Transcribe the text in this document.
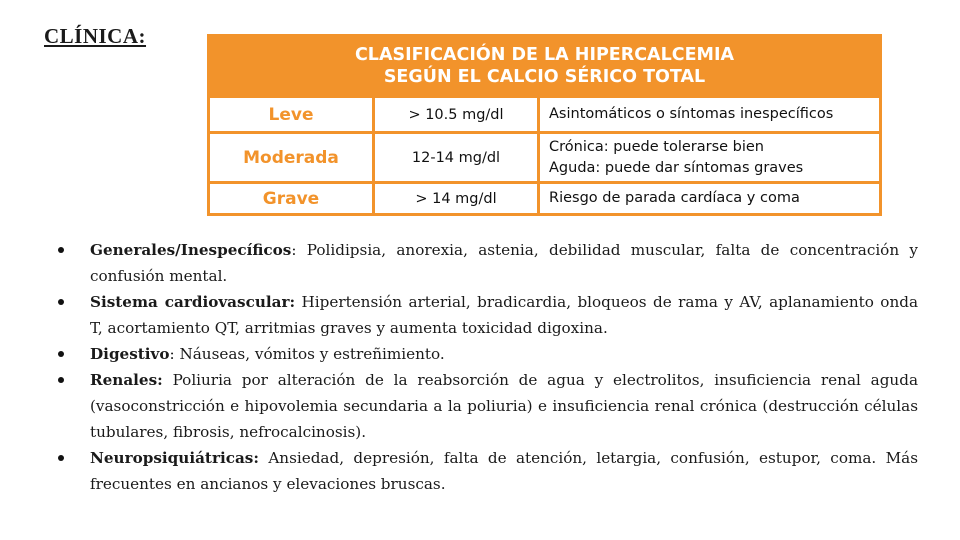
CLÍNICA:
CLASIFICACIÓN DE LA HIPERCALCEMIA
SEGÚN EL CALCIO SÉRICO TOTAL		

Leve	> 10.5 mg/dl	Asintomáticos o síntomas inespecíficos

Moderada	12-14 mg/dl	Crónica: puede tolerarse bien
Aguda: puede dar síntomas graves

Grave	> 14 mg/dl	Riesgo de parada cardíaca y coma
Generales/Inespecíficos: Polidipsia, anorexia, astenia, debilidad muscular, falta de concentración y confusión mental.
Sistema cardiovascular: Hipertensión arterial, bradicardia, bloqueos de rama y AV, aplanamiento onda T, acortamiento QT, arritmias graves y aumenta toxicidad digoxina.
Digestivo: Náuseas, vómitos y estreñimiento.
Renales: Poliuria por alteración de la reabsorción de agua y electrolitos, insuficiencia renal aguda (vasoconstricción e hipovolemia secundaria a la poliuria) e insuficiencia renal crónica (destrucción células tubulares, fibrosis, nefrocalcinosis).
Neuropsiquiátricas: Ansiedad, depresión, falta de atención, letargia, confusión, estupor, coma. Más frecuentes en ancianos y elevaciones bruscas.
